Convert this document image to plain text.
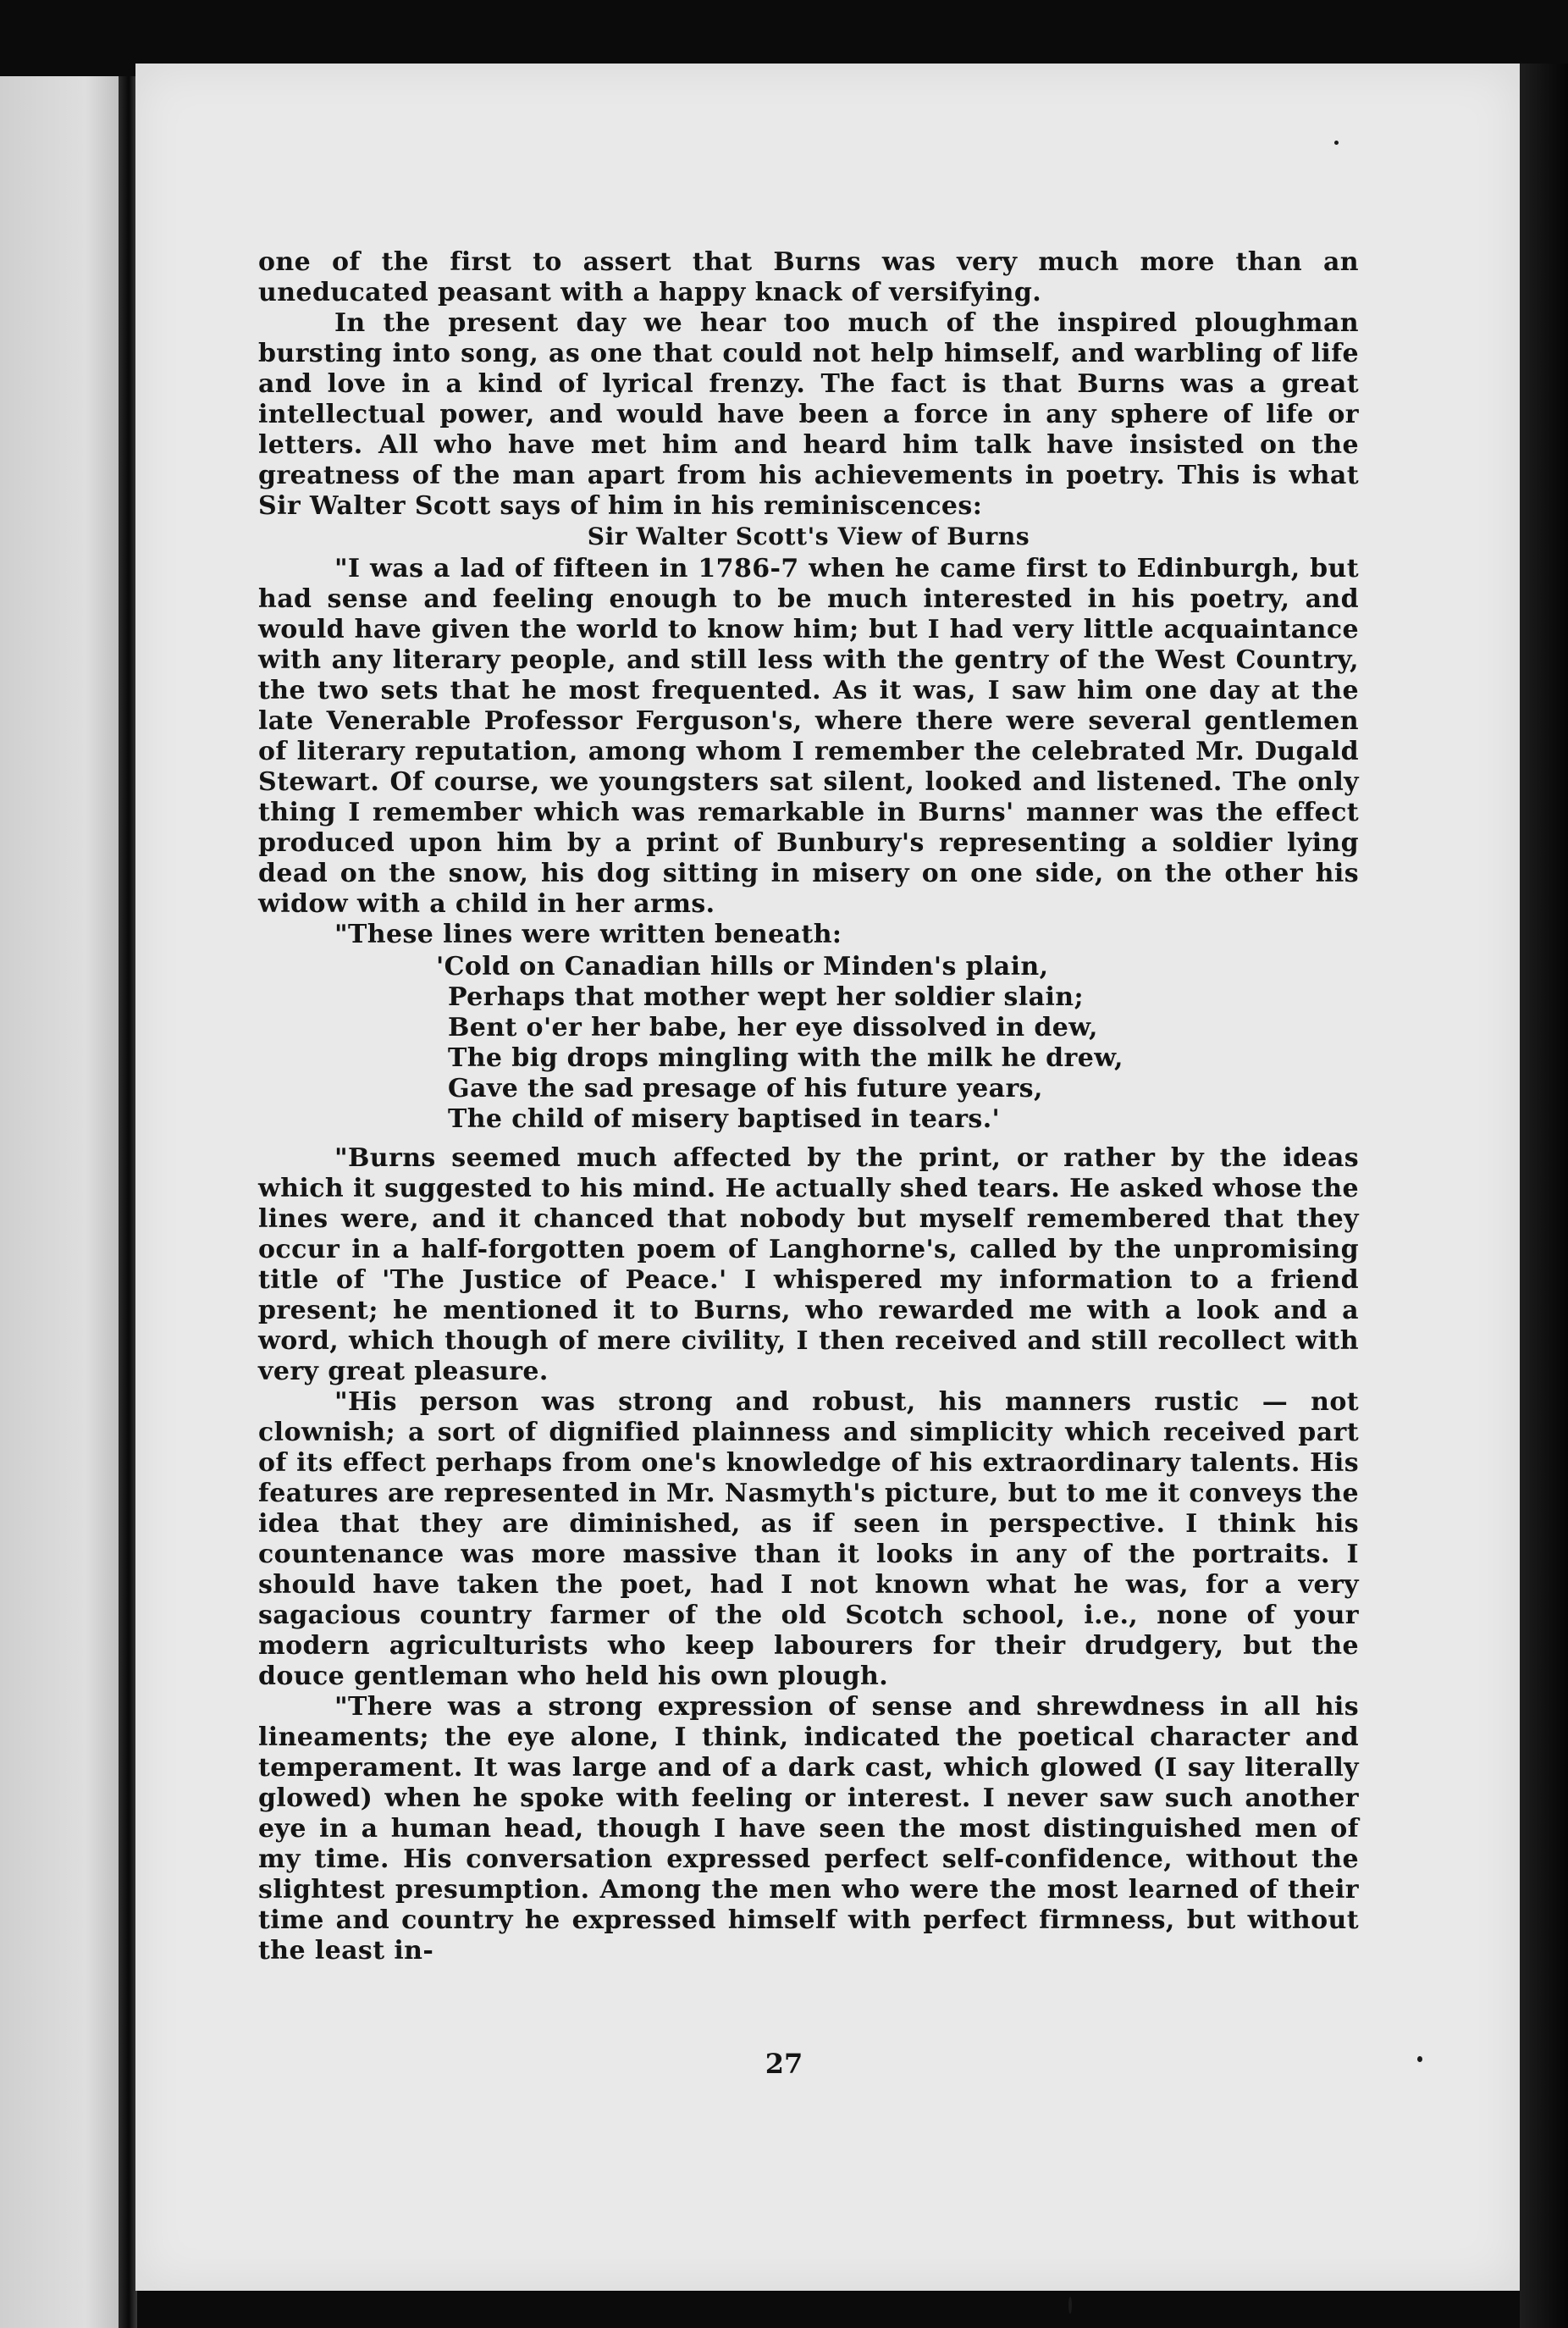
one of the first to assert that Burns was very much more than an uneducated peasant with a happy knack of versifying.

In the present day we hear too much of the inspired ploughman bursting into song, as one that could not help himself, and warbling of life and love in a kind of lyrical frenzy. The fact is that Burns was a great intellectual power, and would have been a force in any sphere of life or letters. All who have met him and heard him talk have insisted on the greatness of the man apart from his achievements in poetry. This is what Sir Walter Scott says of him in his reminiscences:

Sir Walter Scott's View of Burns

"I was a lad of fifteen in 1786-7 when he came first to Edinburgh, but had sense and feeling enough to be much interested in his poetry, and would have given the world to know him; but I had very little acquaintance with any literary people, and still less with the gentry of the West Country, the two sets that he most frequented. As it was, I saw him one day at the late Venerable Professor Ferguson's, where there were several gentlemen of literary reputation, among whom I remember the celebrated Mr. Dugald Stewart. Of course, we youngsters sat silent, looked and listened. The only thing I remember which was remarkable in Burns' manner was the effect produced upon him by a print of Bunbury's representing a soldier lying dead on the snow, his dog sitting in misery on one side, on the other his widow with a child in her arms.

"These lines were written beneath:

'Cold on Canadian hills or Minden's plain,
Perhaps that mother wept her soldier slain;
Bent o'er her babe, her eye dissolved in dew,
The big drops mingling with the milk he drew,
Gave the sad presage of his future years,
The child of misery baptised in tears.'

"Burns seemed much affected by the print, or rather by the ideas which it suggested to his mind. He actually shed tears. He asked whose the lines were, and it chanced that nobody but myself remembered that they occur in a half-forgotten poem of Langhorne's, called by the unpromising title of 'The Justice of Peace.' I whispered my information to a friend present; he mentioned it to Burns, who rewarded me with a look and a word, which though of mere civility, I then received and still recollect with very great pleasure.

"His person was strong and robust, his manners rustic — not clownish; a sort of dignified plainness and simplicity which received part of its effect perhaps from one's knowledge of his extraordinary talents. His features are represented in Mr. Nasmyth's picture, but to me it conveys the idea that they are diminished, as if seen in perspective. I think his countenance was more massive than it looks in any of the portraits. I should have taken the poet, had I not known what he was, for a very sagacious country farmer of the old Scotch school, i.e., none of your modern agriculturists who keep labourers for their drudgery, but the douce gentleman who held his own plough.

"There was a strong expression of sense and shrewdness in all his lineaments; the eye alone, I think, indicated the poetical character and temperament. It was large and of a dark cast, which glowed (I say literally glowed) when he spoke with feeling or interest. I never saw such another eye in a human head, though I have seen the most distinguished men of my time. His conversation expressed perfect self-confidence, without the slightest presumption. Among the men who were the most learned of their time and country he expressed himself with perfect firmness, but without the least in-

27
